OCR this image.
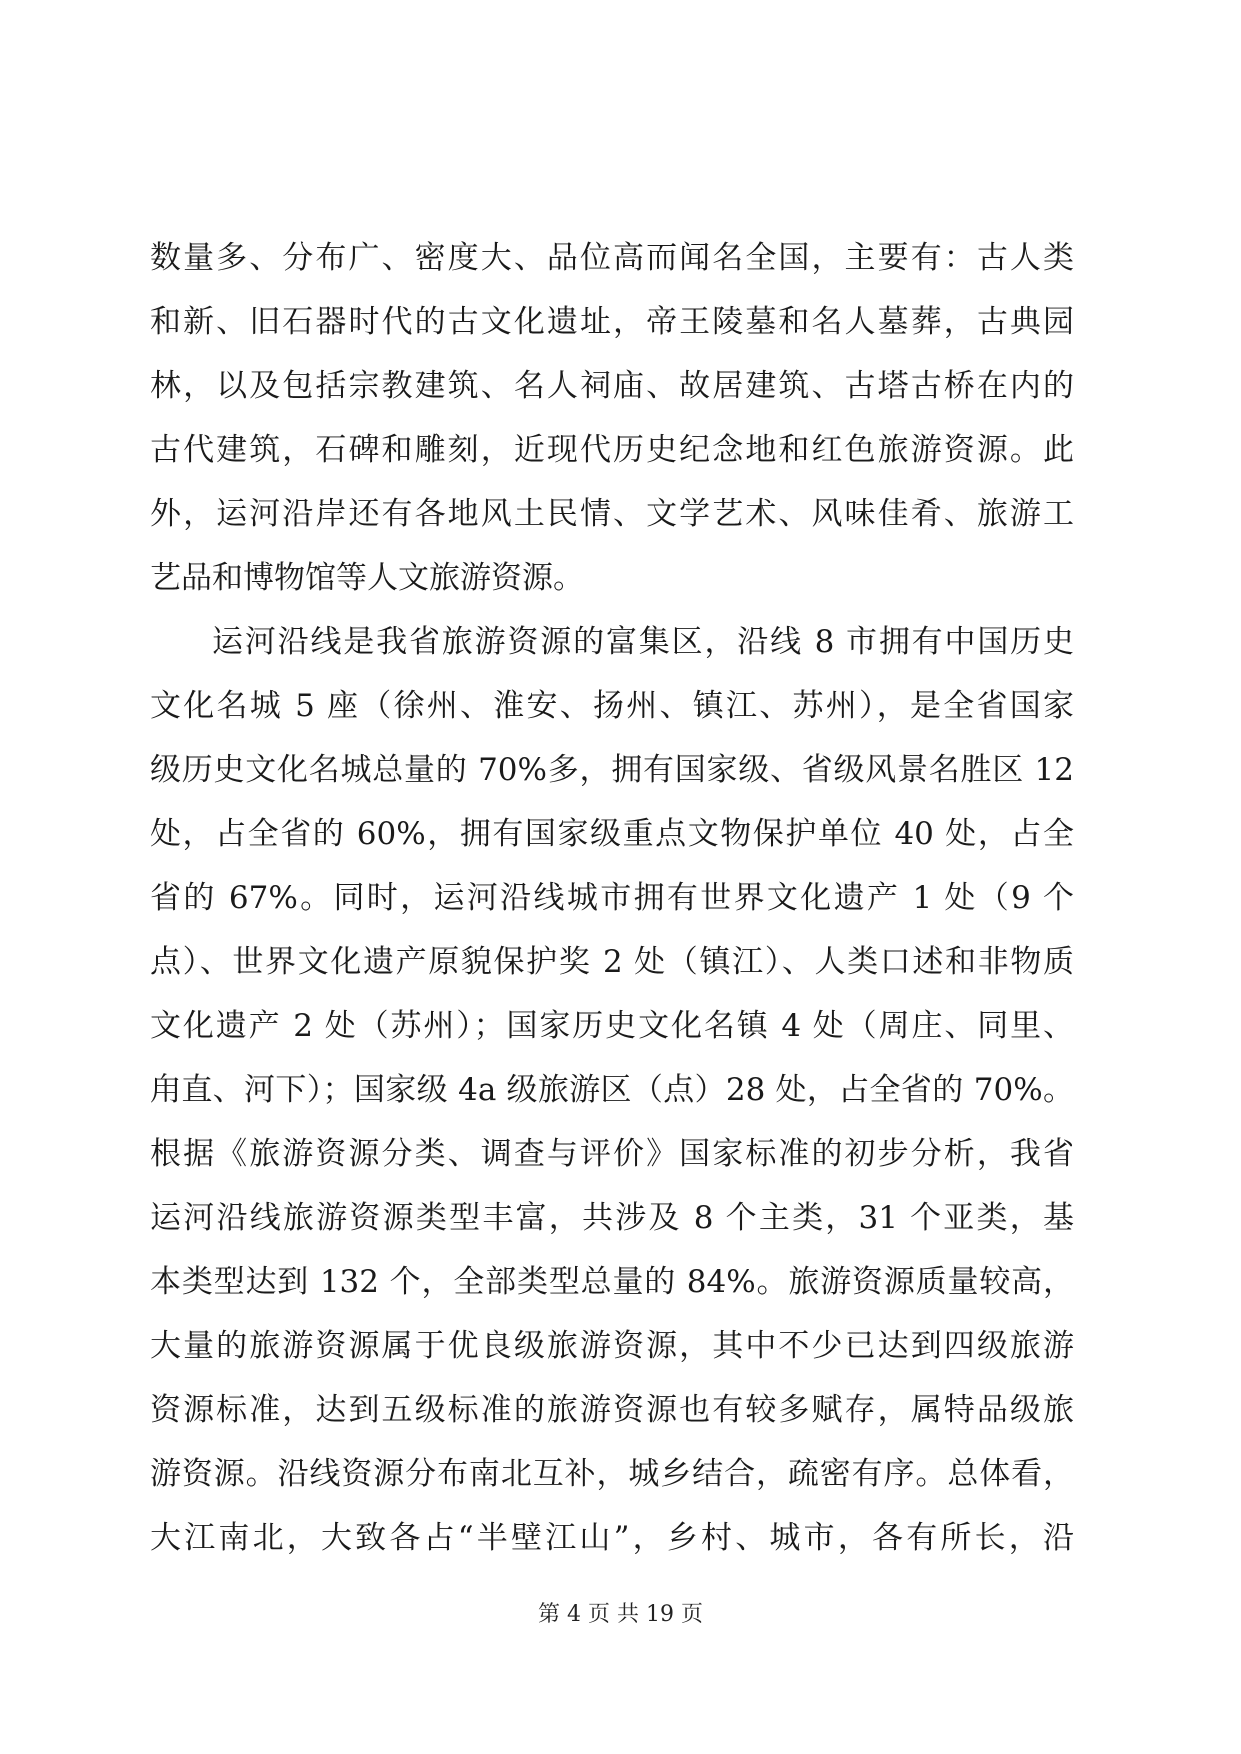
数量多、分布广、密度大、品位高而闻名全国，主要有：古人类
和新、旧石器时代的古文化遗址，帝王陵墓和名人墓葬，古典园
林，以及包括宗教建筑、名人祠庙、故居建筑、古塔古桥在内的
古代建筑，石碑和雕刻，近现代历史纪念地和红色旅游资源。此
外，运河沿岸还有各地风土民情、文学艺术、风味佳肴、旅游工
艺品和博物馆等人文旅游资源。
运河沿线是我省旅游资源的富集区，沿线 8 市拥有中国历史
文化名城 5 座（徐州、淮安、扬州、镇江、苏州），是全省国家
级历史文化名城总量的 70%多，拥有国家级、省级风景名胜区 12
处，占全省的 60%，拥有国家级重点文物保护单位 40 处，占全
省的 67%。同时，运河沿线城市拥有世界文化遗产 1 处（9 个
点）、世界文化遗产原貌保护奖 2 处（镇江）、人类口述和非物质
文化遗产 2 处（苏州）；国家历史文化名镇 4 处（周庄、同里、
甪直、河下）；国家级 4a 级旅游区（点）28 处，占全省的 70%。
根据《旅游资源分类、调查与评价》国家标准的初步分析，我省
运河沿线旅游资源类型丰富，共涉及 8 个主类，31 个亚类，基
本类型达到 132 个，全部类型总量的 84%。旅游资源质量较高，
大量的旅游资源属于优良级旅游资源，其中不少已达到四级旅游
资源标准，达到五级标准的旅游资源也有较多赋存，属特品级旅
游资源。沿线资源分布南北互补，城乡结合，疏密有序。总体看，
大江南北，大致各占“半壁江山”，乡村、城市，各有所长，沿
第 4 页 共 19 页
